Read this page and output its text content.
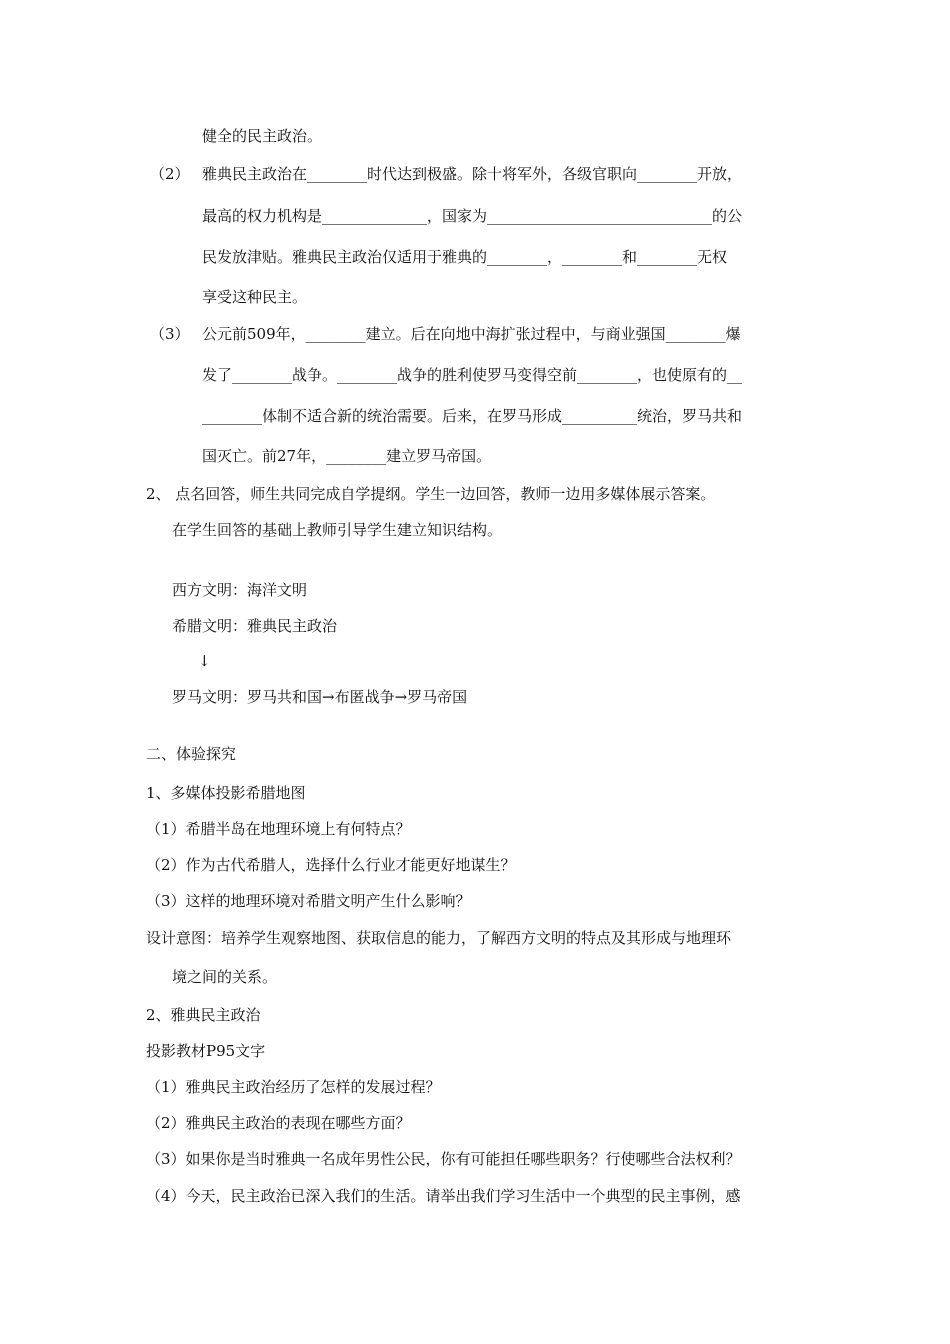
健全的民主政治。
（2） 雅典民主政治在________时代达到极盛。除十将军外，各级官职向________开放，
最高的权力机构是______________，国家为______________________________的公
民发放津贴。雅典民主政治仅适用于雅典的________，________和________无权
享受这种民主。
（3） 公元前509年，________建立。后在向地中海扩张过程中，与商业强国________爆
发了________战争。________战争的胜利使罗马变得空前________，也使原有的__
________体制不适合新的统治需要。后来，在罗马形成__________统治，罗马共和
国灭亡。前27年，________建立罗马帝国。
2、 点名回答，师生共同完成自学提纲。学生一边回答，教师一边用多媒体展示答案。
在学生回答的基础上教师引导学生建立知识结构。
西方文明：海洋文明
希腊文明：雅典民主政治
↓
罗马文明：罗马共和国→布匿战争→罗马帝国
二、体验探究
1、多媒体投影希腊地图
（1）希腊半岛在地理环境上有何特点？
（2）作为古代希腊人，选择什么行业才能更好地谋生？
（3）这样的地理环境对希腊文明产生什么影响？
设计意图：培养学生观察地图、获取信息的能力，了解西方文明的特点及其形成与地理环
境之间的关系。
2、雅典民主政治
投影教材P95文字
（1）雅典民主政治经历了怎样的发展过程？
（2）雅典民主政治的表现在哪些方面？
（3）如果你是当时雅典一名成年男性公民，你有可能担任哪些职务？行使哪些合法权利？
（4）今天，民主政治已深入我们的生活。请举出我们学习生活中一个典型的民主事例，感
